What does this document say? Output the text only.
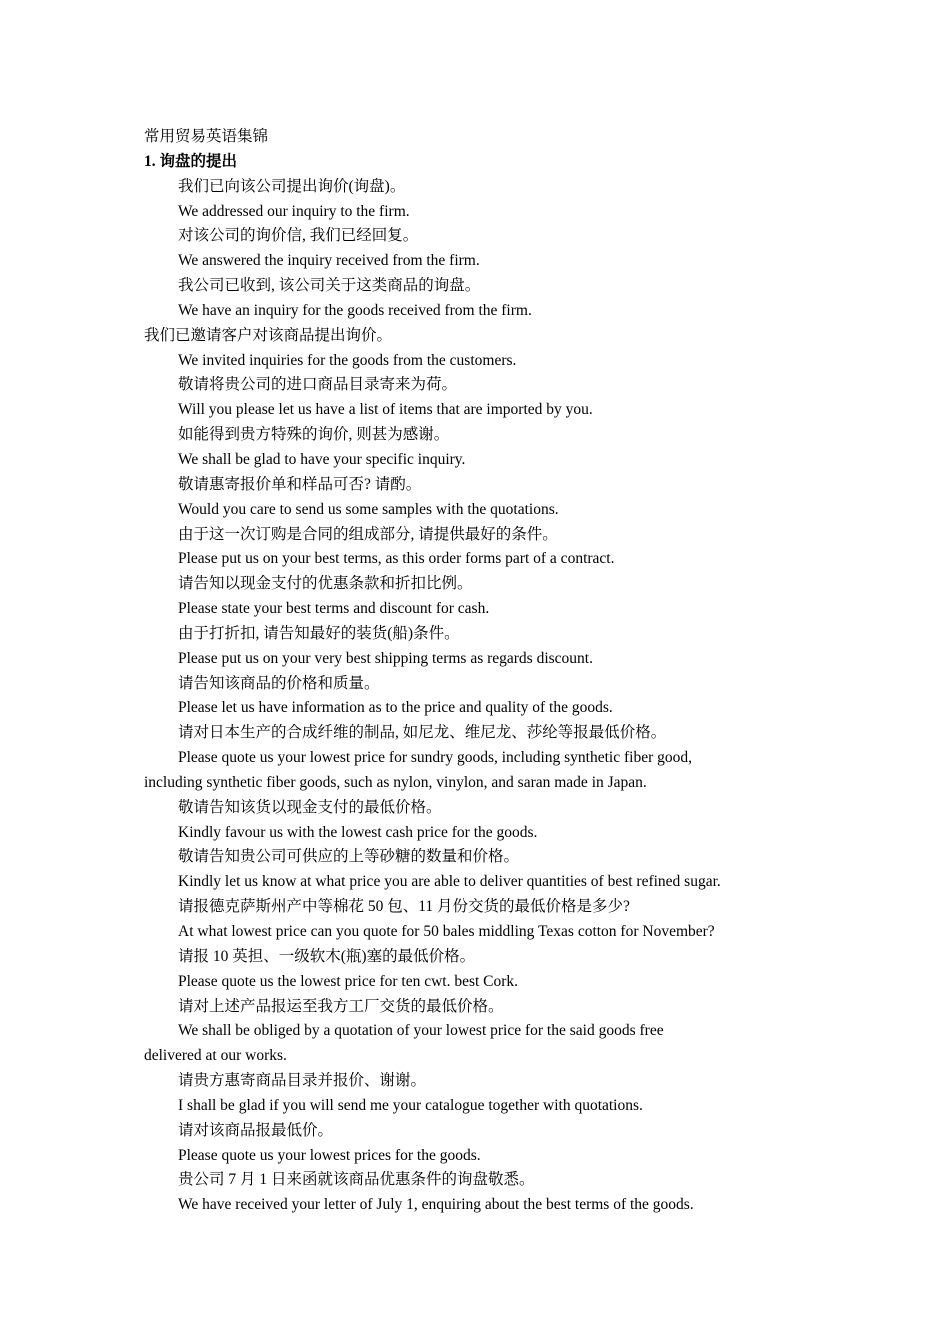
常用贸易英语集锦
1. 询盘的提出
我们已向该公司提出询价(询盘)。
We addressed our inquiry to the firm.
对该公司的询价信, 我们已经回复。
We answered the inquiry received from the firm.
我公司已收到, 该公司关于这类商品的询盘。
We have an inquiry for the goods received from the firm.
我们已邀请客户对该商品提出询价。
We invited inquiries for the goods from the customers.
敬请将贵公司的进口商品目录寄来为荷。
Will you please let us have a list of items that are imported by you.
如能得到贵方特殊的询价, 则甚为感谢。
We shall be glad to have your specific inquiry.
敬请惠寄报价单和样品可否? 请酌。
Would you care to send us some samples with the quotations.
由于这一次订购是合同的组成部分, 请提供最好的条件。
Please put us on your best terms, as this order forms part of a contract.
请告知以现金支付的优惠条款和折扣比例。
Please state your best terms and discount for cash.
由于打折扣, 请告知最好的装货(船)条件。
Please put us on your very best shipping terms as regards discount.
请告知该商品的价格和质量。
Please let us have information as to the price and quality of the goods.
请对日本生产的合成纤维的制品, 如尼龙、维尼龙、莎纶等报最低价格。
Please quote us your lowest price for sundry goods, including synthetic fiber good,
including synthetic fiber goods, such as nylon, vinylon, and saran made in Japan.
敬请告知该货以现金支付的最低价格。
Kindly favour us with the lowest cash price for the goods.
敬请告知贵公司可供应的上等砂糖的数量和价格。
Kindly let us know at what price you are able to deliver quantities of best refined sugar.
请报德克萨斯州产中等棉花 50 包、11 月份交货的最低价格是多少?
At what lowest price can you quote for 50 bales middling Texas cotton for November?
请报 10 英担、一级软木(瓶)塞的最低价格。
Please quote us the lowest price for ten cwt. best Cork.
请对上述产品报运至我方工厂交货的最低价格。
We shall be obliged by a quotation of your lowest price for the said goods free
delivered at our works.
请贵方惠寄商品目录并报价、谢谢。
I shall be glad if you will send me your catalogue together with quotations.
请对该商品报最低价。
Please quote us your lowest prices for the goods.
贵公司 7 月 1 日来函就该商品优惠条件的询盘敬悉。
We have received your letter of July 1, enquiring about the best terms of the goods.
